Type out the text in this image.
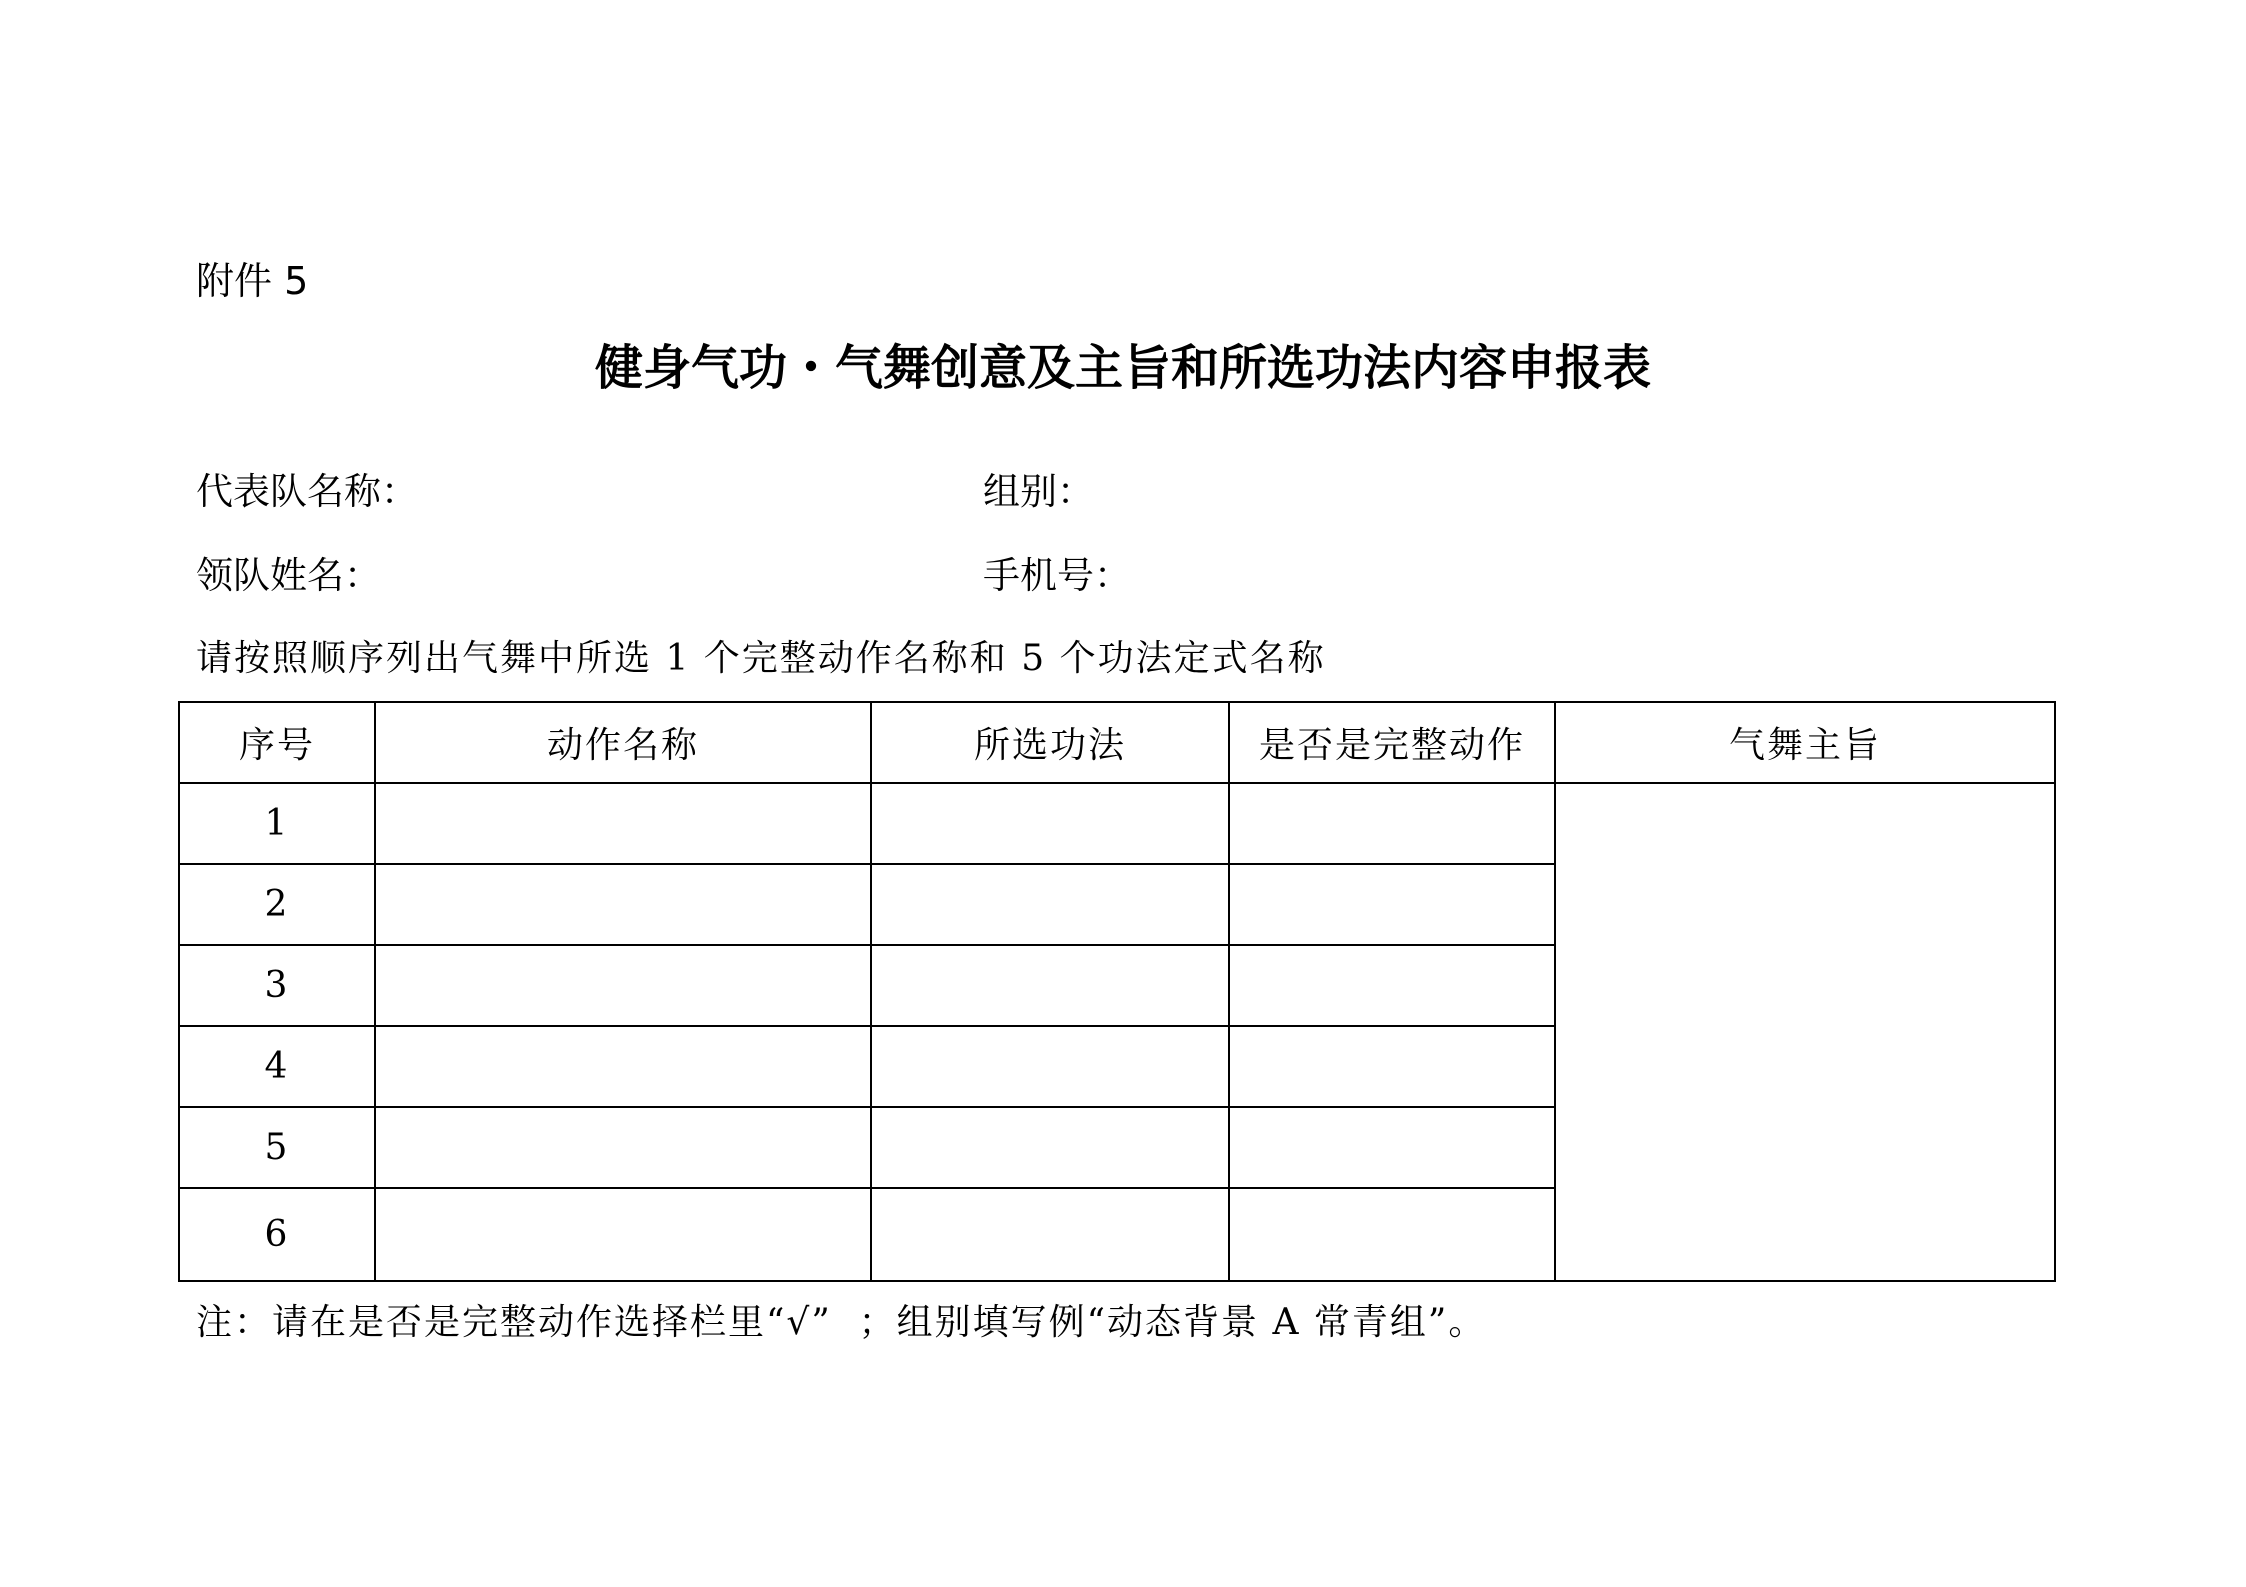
附件 5
健身气功・气舞创意及主旨和所选功法内容申报表
代表队名称：	组别：
领队姓名：	手机号：
请按照顺序列出气舞中所选 1 个完整动作名称和 5 个功法定式名称
序号	动作名称	所选功法	是否是完整动作	气舞主旨
1				
2				
3				
4				
5				
6				
注：请在是否是完整动作选择栏里“√”  ；组别填写例“动态背景 A 常青组”。
